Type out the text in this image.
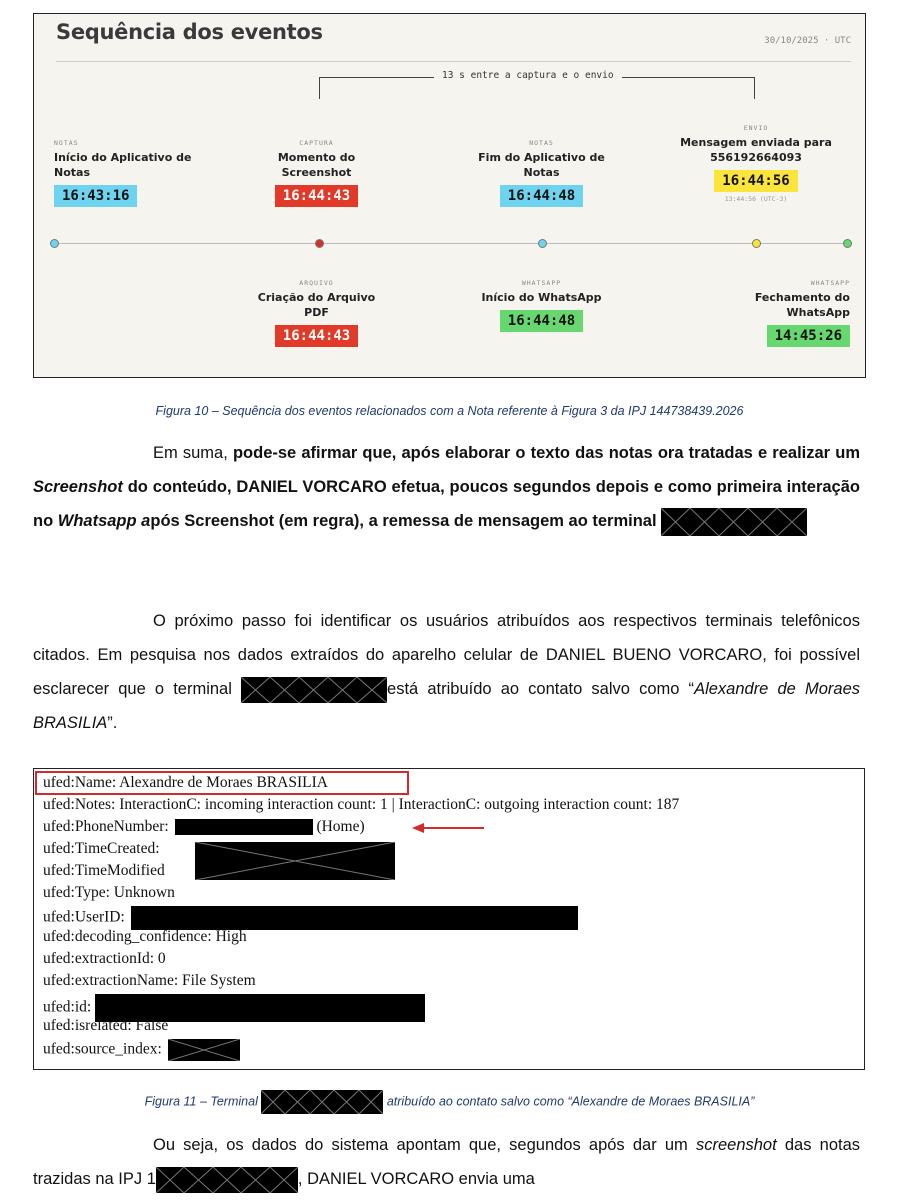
Sequência dos eventos	30/10/2025 · UTC
13 s entre a captura e o envio
NOTAS
Início do Aplicativo de Notas
16:43:16
CAPTURA
Momento do Screenshot
16:44:43
NOTAS
Fim do Aplicativo de Notas
16:44:48
ENVIO
Mensagem enviada para 556192664093
16:44:56
13:44:56 (UTC-3)
ARQUIVO
Criação do Arquivo PDF
16:44:43
WHATSAPP
Início do WhatsApp
16:44:48
WHATSAPP
Fechamento do WhatsApp
14:45:26
Figura 10 – Sequência dos eventos relacionados com a Nota referente à Figura 3 da IPJ 144738439.2026
Em suma, pode-se afirmar que, após elaborar o texto das notas ora tratadas e realizar um Screenshot do conteúdo, DANIEL VORCARO efetua, poucos segundos depois e como primeira interação no Whatsapp após Screenshot (em regra), a remessa de mensagem ao terminal
O próximo passo foi identificar os usuários atribuídos aos respectivos terminais telefônicos citados. Em pesquisa nos dados extraídos do aparelho celular de DANIEL BUENO VORCARO, foi possível esclarecer que o terminal	está atribuído ao contato salvo como “Alexandre de Moraes BRASILIA”.
ufed:Name: Alexandre de Moraes BRASILIA
ufed:Notes: InteractionC: incoming interaction count: 1 | InteractionC: outgoing interaction count: 187
ufed:PhoneNumber:	(Home)
ufed:TimeCreated:
ufed:TimeModified
ufed:Type: Unknown
ufed:UserID:
ufed:decoding_confidence: High
ufed:extractionId: 0
ufed:extractionName: File System
ufed:id:
ufed:isrelated: False
ufed:source_index:
Figura 11 – Terminal	atribuído ao contato salvo como “Alexandre de Moraes BRASILIA”
Ou seja, os dados do sistema apontam que, segundos após dar um screenshot das notas trazidas na IPJ 1	, DANIEL VORCARO envia uma
